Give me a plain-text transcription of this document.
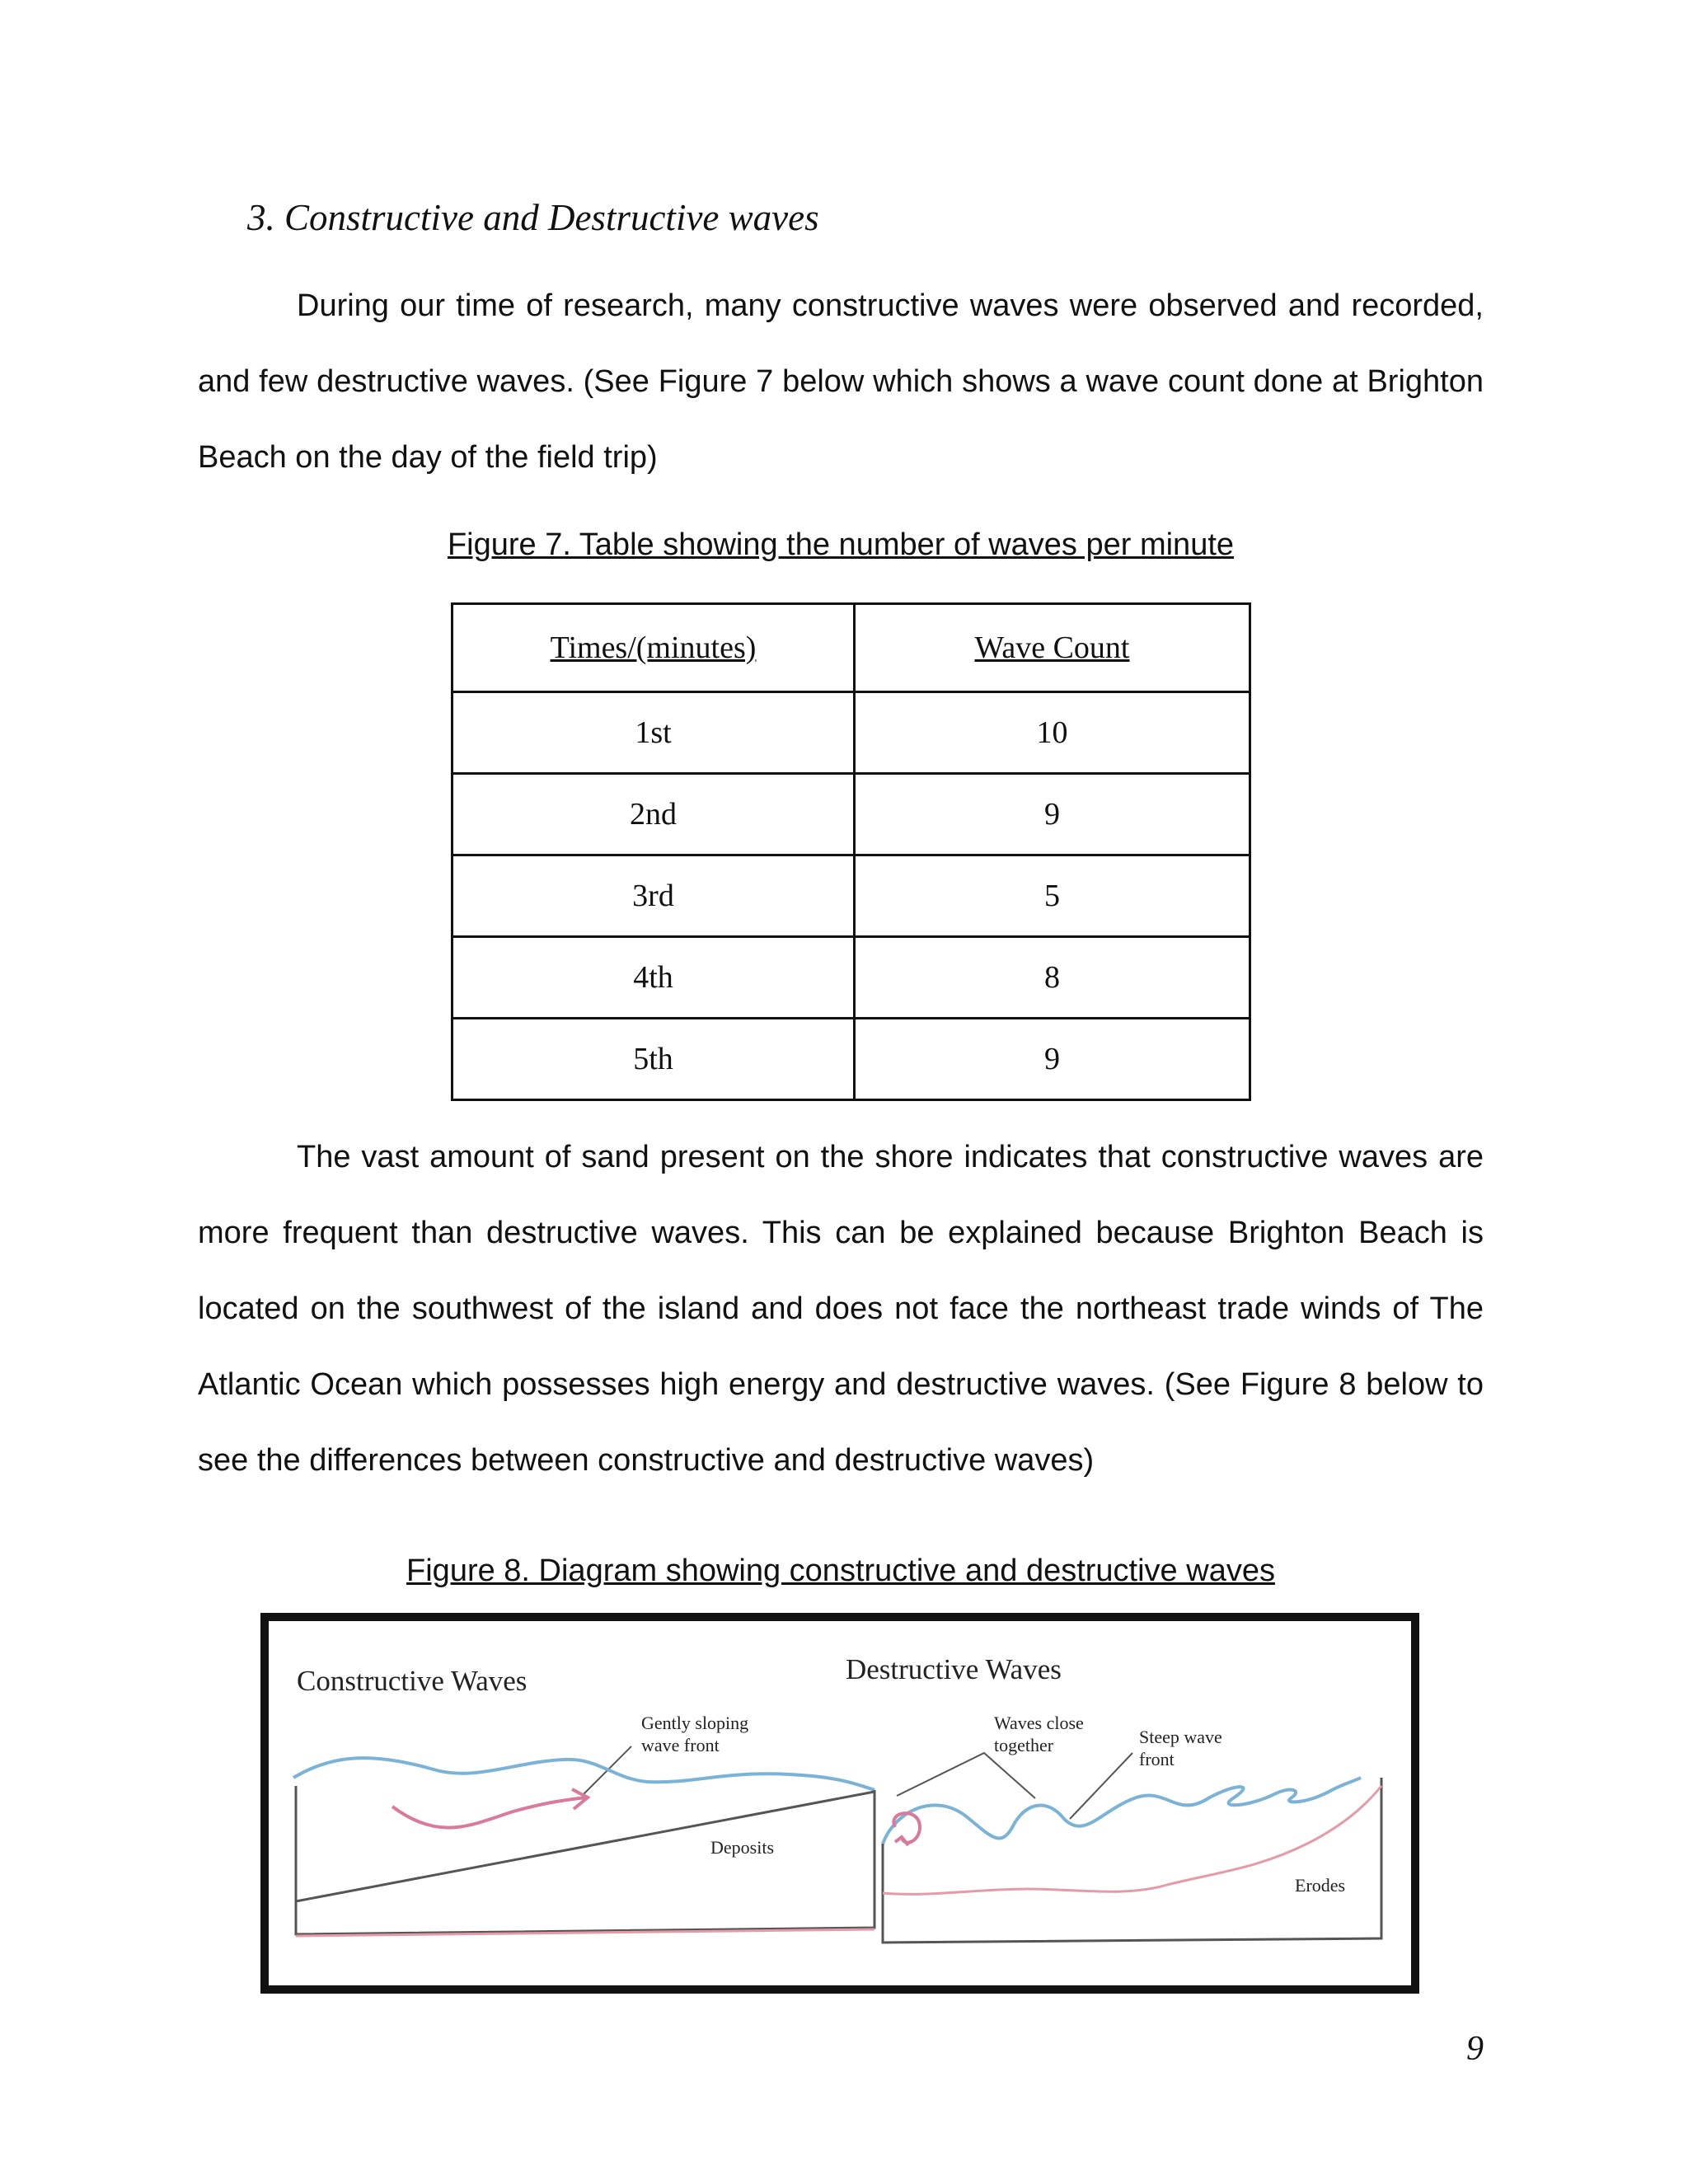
3. Constructive and Destructive waves

During our time of research, many constructive waves were observed and recorded, and few destructive waves. (See Figure 7 below which shows a wave count done at Brighton Beach on the day of the field trip)

Figure 7. Table showing the number of waves per minute

Times/(minutes)	Wave Count
1st	10
2nd	9
3rd	5
4th	8
5th	9

The vast amount of sand present on the shore indicates that constructive waves are more frequent than destructive waves. This can be explained because Brighton Beach is located on the southwest of the island and does not face the northeast trade winds of The Atlantic Ocean which possesses high energy and destructive waves. (See Figure 8 below to see the differences between constructive and destructive waves)

Figure 8. Diagram showing constructive and destructive waves

Constructive Waves
Gently sloping
wave front
Deposits
Destructive Waves
Waves close
together	Steep wave
front
Erodes
9
